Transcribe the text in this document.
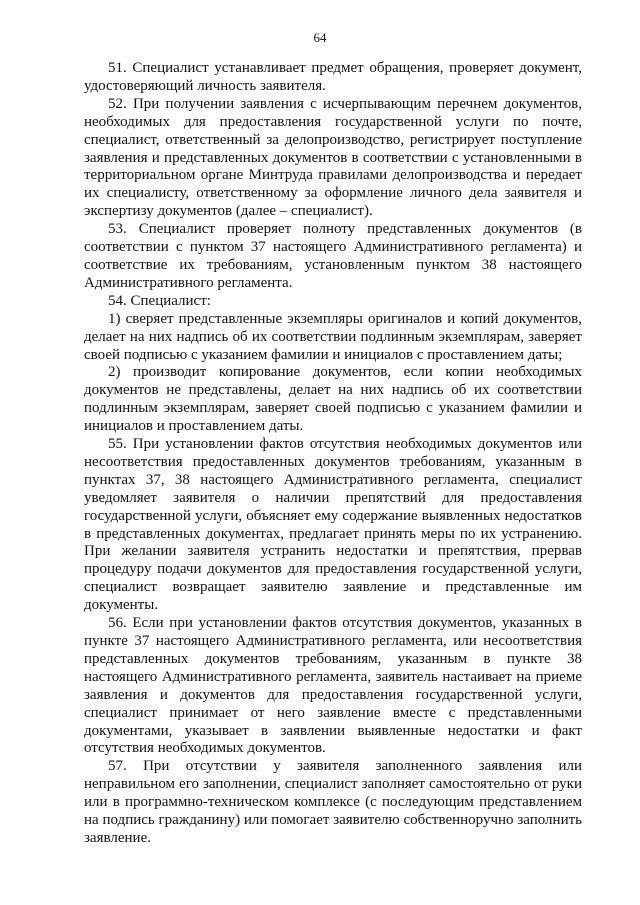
64

51. Специалист устанавливает предмет обращения, проверяет документ, удостоверяющий личность заявителя.

52. При получении заявления с исчерпывающим перечнем документов, необходимых для предоставления государственной услуги по почте, специалист, ответственный за делопроизводство, регистрирует поступление заявления и представленных документов в соответствии с установленными в территориальном органе Минтруда правилами делопроизводства и передает их специалисту, ответственному за оформление личного дела заявителя и экспертизу документов (далее – специалист).

53. Специалист проверяет полноту представленных документов (в соответствии с пунктом 37 настоящего Административного регламента) и соответствие их требованиям, установленным пунктом 38 настоящего Административного регламента.

54. Специалист:

1) сверяет представленные экземпляры оригиналов и копий документов, делает на них надпись об их соответствии подлинным экземплярам, заверяет своей подписью с указанием фамилии и инициалов с проставлением даты;

2) производит копирование документов, если копии необходимых документов не представлены, делает на них надпись об их соответствии подлинным экземплярам, заверяет своей подписью с указанием фамилии и инициалов и проставлением даты.

55. При установлении фактов отсутствия необходимых документов или несоответствия предоставленных документов требованиям, указанным в пунктах 37, 38 настоящего Административного регламента, специалист уведомляет заявителя о наличии препятствий для предоставления государственной услуги, объясняет ему содержание выявленных недостатков в представленных документах, предлагает принять меры по их устранению. При желании заявителя устранить недостатки и препятствия, прервав процедуру подачи документов для предоставления государственной услуги, специалист возвращает заявителю заявление и представленные им документы.

56. Если при установлении фактов отсутствия документов, указанных в пункте 37 настоящего Административного регламента, или несоответствия представленных документов требованиям, указанным в пункте 38 настоящего Административного регламента, заявитель настаивает на приеме заявления и документов для предоставления государственной услуги, специалист принимает от него заявление вместе с представленными документами, указывает в заявлении выявленные недостатки и факт отсутствия необходимых документов.

57. При отсутствии у заявителя заполненного заявления или неправильном его заполнении, специалист заполняет самостоятельно от руки или в программно-техническом комплексе (с последующим представлением на подпись гражданину) или помогает заявителю собственноручно заполнить заявление.
